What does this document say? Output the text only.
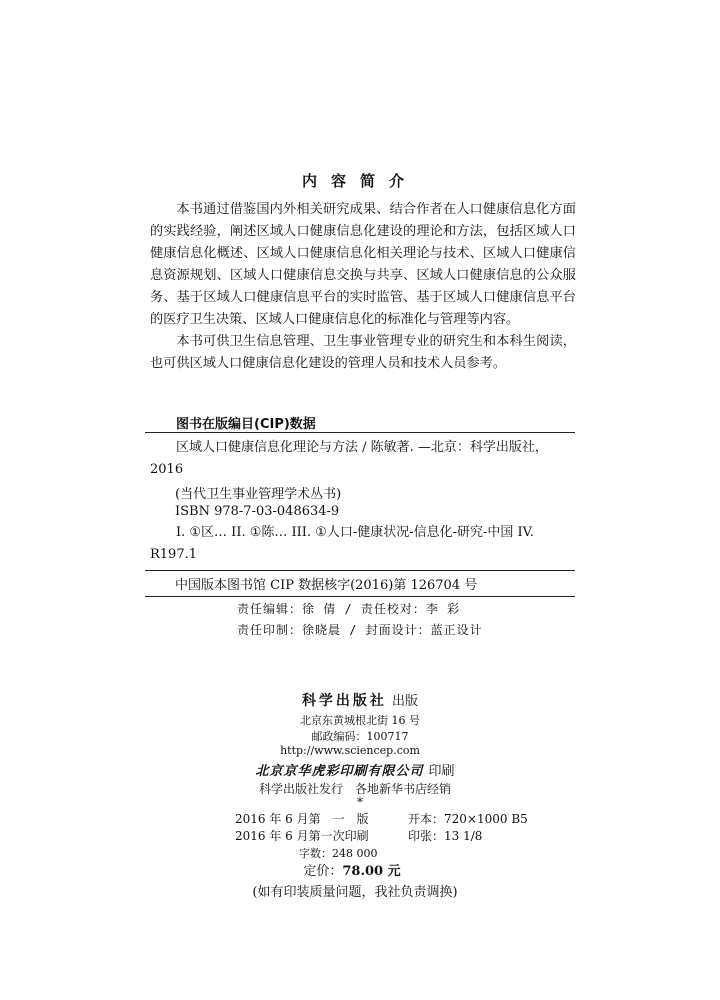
内容简介

本书通过借鉴国内外相关研究成果、结合作者在人口健康信息化方面的实践经验，阐述区域人口健康信息化建设的理论和方法，包括区域人口健康信息化概述、区域人口健康信息化相关理论与技术、区域人口健康信息资源规划、区域人口健康信息交换与共享、区域人口健康信息的公众服务、基于区域人口健康信息平台的实时监管、基于区域人口健康信息平台的医疗卫生决策、区域人口健康信息化的标准化与管理等内容。

本书可供卫生信息管理、卫生事业管理专业的研究生和本科生阅读，也可供区域人口健康信息化建设的管理人员和技术人员参考。

图书在版编目(CIP)数据

区域人口健康信息化理论与方法 / 陈敏著. —北京：科学出版社，2016

(当代卫生事业管理学术丛书)
ISBN 978-7-03-048634-9

I. ①区… II. ①陈… III. ①人口-健康状况-信息化-研究-中国 IV. R197.1

中国版本图书馆 CIP 数据核字(2016)第 126704 号
责任编辑：徐 倩 / 责任校对：李 彩
责任印制：徐晓晨 / 封面设计：蓝正设计
科学出版社 出版
北京东黄城根北街 16 号
邮政编码：100717
http://www.sciencep.com
北京京华虎彩印刷有限公司 印刷
科学出版社发行　各地新华书店经销
*
2016 年 6 月第　一　版	开本：720×1000 B5
2016 年 6 月第一次印刷	印张：13 1/8
字数：248 000
定价：78.00 元
(如有印装质量问题，我社负责调换)
